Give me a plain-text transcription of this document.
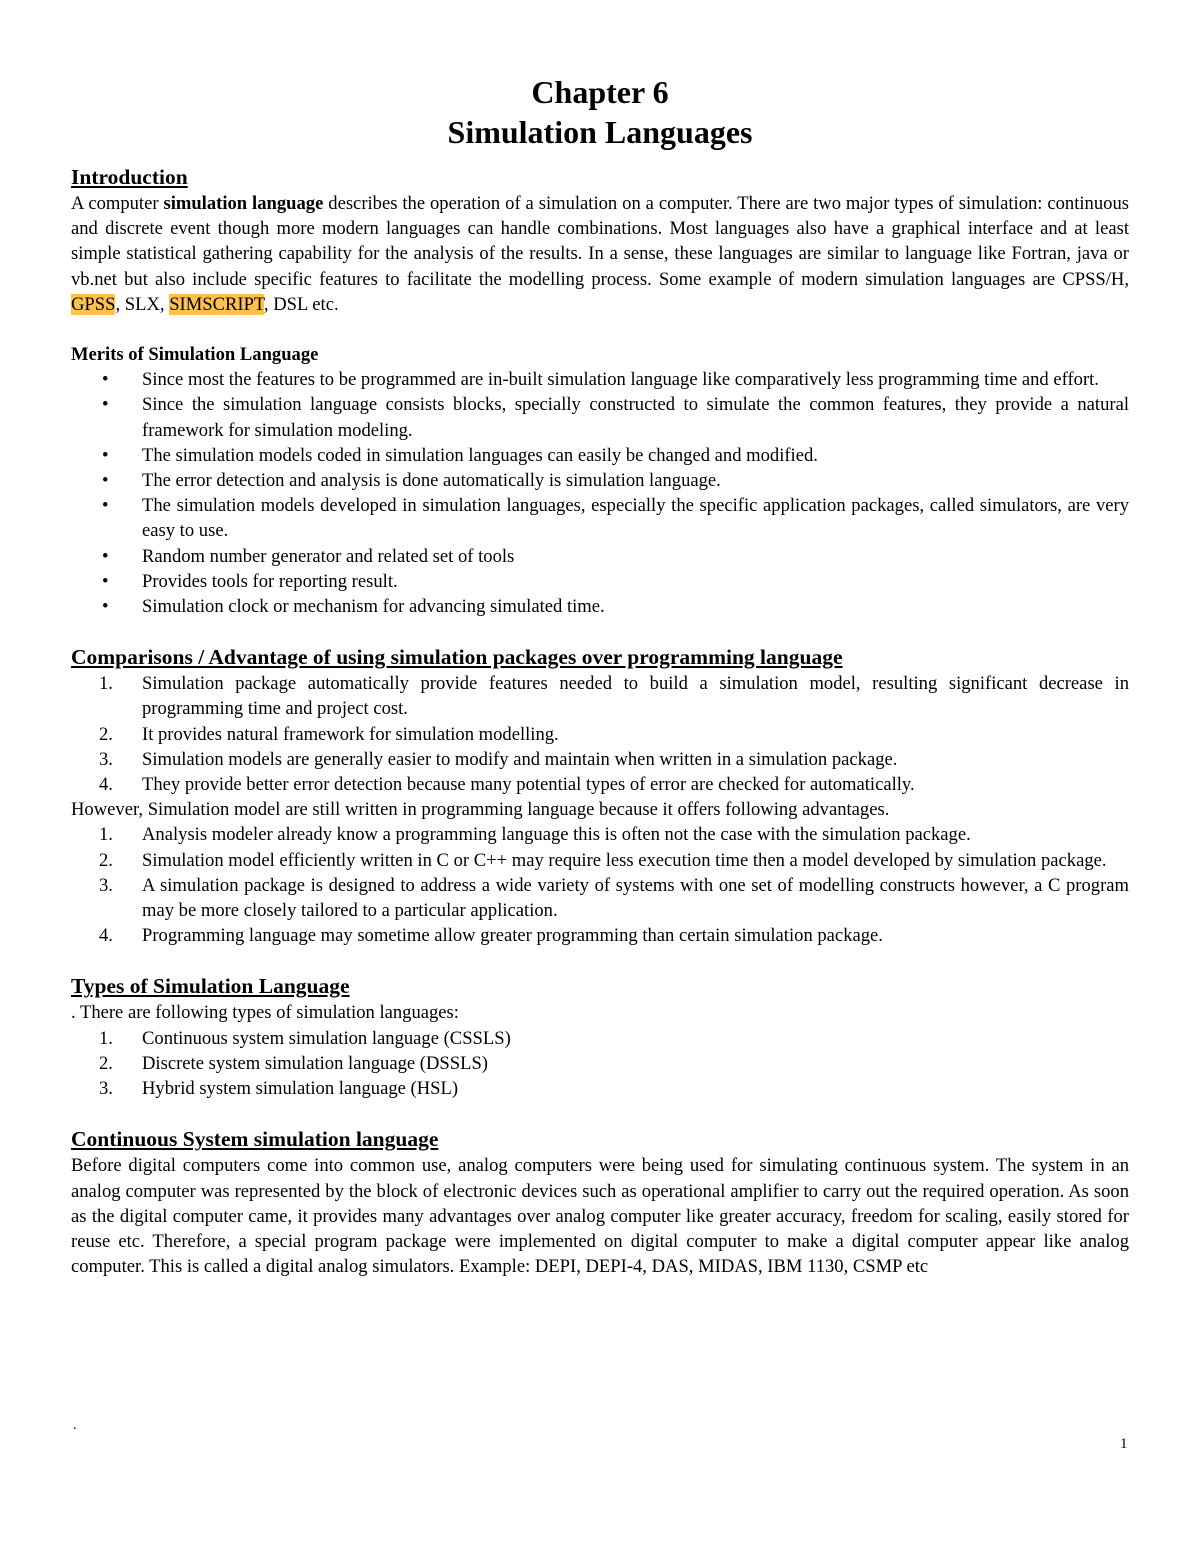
Chapter 6
Simulation Languages
Introduction

A computer simulation language describes the operation of a simulation on a computer. There are two major types of simulation: continuous and discrete event though more modern languages can handle combinations. Most languages also have a graphical interface and at least simple statistical gathering capability for the analysis of the results. In a sense, these languages are similar to language like Fortran, java or vb.net but also include specific features to facilitate the modelling process. Some example of modern simulation languages are CPSS/H, GPSS, SLX, SIMSCRIPT, DSL etc.

Merits of Simulation Language
•	Since most the features to be programmed are in-built simulation language like comparatively less programming time and effort.
•	Since the simulation language consists blocks, specially constructed to simulate the common features, they provide a natural framework for simulation modeling.
•	The simulation models coded in simulation languages can easily be changed and modified.
•	The error detection and analysis is done automatically is simulation language.
•	The simulation models developed in simulation languages, especially the specific application packages, called simulators, are very easy to use.
•	Random number generator and related set of tools
•	Provides tools for reporting result.
•	Simulation clock or mechanism for advancing simulated time.
Comparisons / Advantage of using simulation packages over programming language
1.	Simulation package automatically provide features needed to build a simulation model, resulting significant decrease in programming time and project cost.
2.	It provides natural framework for simulation modelling.
3.	Simulation models are generally easier to modify and maintain when written in a simulation package.
4.	They provide better error detection because many potential types of error are checked for automatically.

However, Simulation model are still written in programming language because it offers following advantages.

1.	Analysis modeler already know a programming language this is often not the case with the simulation package.
2.	Simulation model efficiently written in C or C++ may require less execution time then a model developed by simulation package.
3.	A simulation package is designed to address a wide variety of systems with one set of modelling constructs however, a C program may be more closely tailored to a particular application.
4.	Programming language may sometime allow greater programming than certain simulation package.
Types of Simulation Language

. There are following types of simulation languages:

1.	Continuous system simulation language (CSSLS)
2.	Discrete system simulation language (DSSLS)
3.	Hybrid system simulation language (HSL)
Continuous System simulation language

Before digital computers come into common use, analog computers were being used for simulating continuous system. The system in an analog computer was represented by the block of electronic devices such as operational amplifier to carry out the required operation. As soon as the digital computer came, it provides many advantages over analog computer like greater accuracy, freedom for scaling, easily stored for reuse etc. Therefore, a special program package were implemented on digital computer to make a digital computer appear like analog computer. This is called a digital analog simulators. Example: DEPI, DEPI-4, DAS, MIDAS, IBM 1130, CSMP etc

.
1
